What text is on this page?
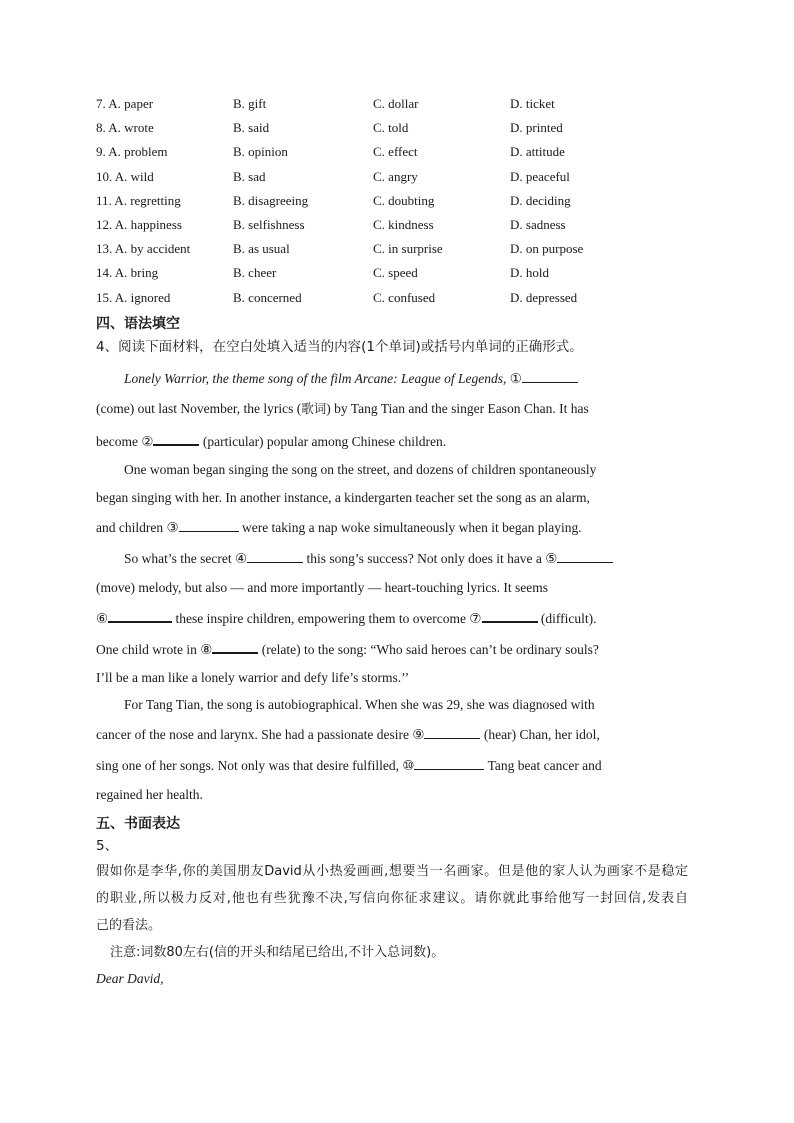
7. A. paper	B. gift	C. dollar	D. ticket
8. A. wrote	B. said	C. told	D. printed
9. A. problem	B. opinion	C. effect	D. attitude
10. A. wild	B. sad	C. angry	D. peaceful
11. A. regretting	B. disagreeing	C. doubting	D. deciding
12. A. happiness	B. selfishness	C. kindness	D. sadness
13. A. by accident	B. as usual	C. in surprise	D. on purpose
14. A. bring	B. cheer	C. speed	D. hold
15. A. ignored	B. concerned	C. confused	D. depressed
四、语法填空
4、阅读下面材料，在空白处填入适当的内容(1个单词)或括号内单词的正确形式。
Lonely Warrior, the theme song of the film Arcane: League of Legends, ①
(come) out last November, the lyrics (歌词) by Tang Tian and the singer Eason Chan. It has
become ②	(particular) popular among Chinese children.
One woman began singing the song on the street, and dozens of children spontaneously
began singing with her. In another instance, a kindergarten teacher set the song as an alarm,
and children ③	were taking a nap woke simultaneously when it began playing.
So what’s the secret ④	this song’s success? Not only does it have a ⑤
(move) melody, but also — and more importantly — heart-touching lyrics. It seems
⑥	these inspire children, empowering them to overcome ⑦	(difficult).
One child wrote in ⑧	(relate) to the song: “Who said heroes can’t be ordinary souls?
I’ll be a man like a lonely warrior and defy life’s storms.’’
For Tang Tian, the song is autobiographical. When she was 29, she was diagnosed with
cancer of the nose and larynx. She had a passionate desire ⑨	(hear) Chan, her idol,
sing one of her songs. Not only was that desire fulfilled, ⑩	Tang beat cancer and
regained her health.
五、书面表达
5、
假如你是李华,你的美国朋友David从小热爱画画,想要当一名画家。但是他的家人认为画家不是稳定
的职业,所以极力反对,他也有些犹豫不决,写信向你征求建议。请你就此事给他写一封回信,发表自
己的看法。
注意:词数80左右(信的开头和结尾已给出,不计入总词数)。
Dear David,
